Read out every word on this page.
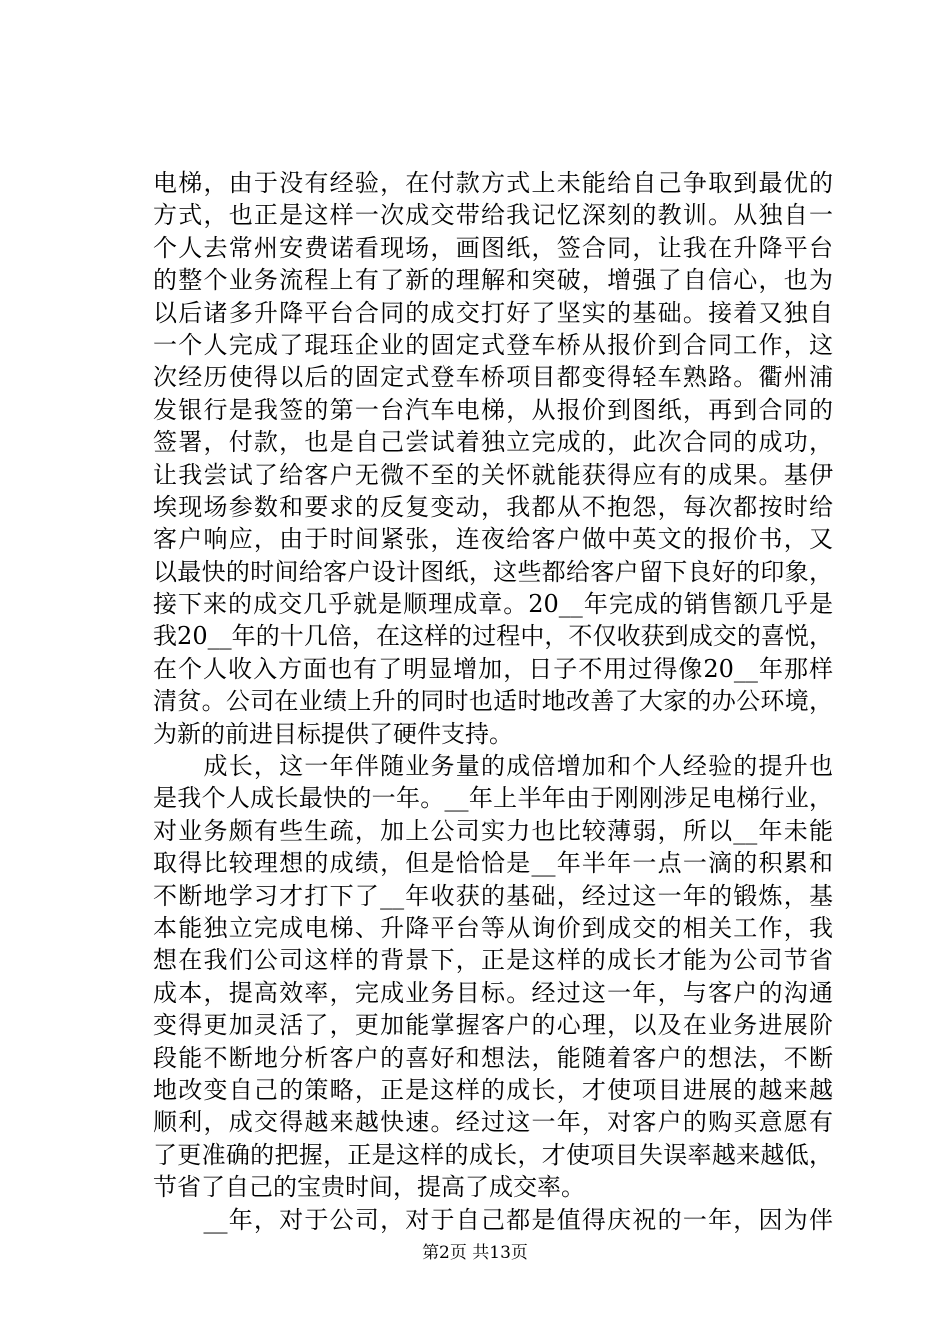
电梯，由于没有经验，在付款方式上未能给自己争取到最优的
方式，也正是这样一次成交带给我记忆深刻的教训。从独自一
个人去常州安费诺看现场，画图纸，签合同，让我在升降平台
的整个业务流程上有了新的理解和突破，增强了自信心，也为
以后诸多升降平台合同的成交打好了坚实的基础。接着又独自
一个人完成了琨珏企业的固定式登车桥从报价到合同工作，这
次经历使得以后的固定式登车桥项目都变得轻车熟路。衢州浦
发银行是我签的第一台汽车电梯，从报价到图纸，再到合同的
签署，付款，也是自己尝试着独立完成的，此次合同的成功，
让我尝试了给客户无微不至的关怀就能获得应有的成果。基伊
埃现场参数和要求的反复变动，我都从不抱怨，每次都按时给
客户响应，由于时间紧张，连夜给客户做中英文的报价书，又
以最快的时间给客户设计图纸，这些都给客户留下良好的印象，
接下来的成交几乎就是顺理成章。20__年完成的销售额几乎是
我20__年的十几倍，在这样的过程中，不仅收获到成交的喜悦，
在个人收入方面也有了明显增加，日子不用过得像20__年那样
清贫。公司在业绩上升的同时也适时地改善了大家的办公环境，
为新的前进目标提供了硬件支持。
　　成长，这一年伴随业务量的成倍增加和个人经验的提升也
是我个人成长最快的一年。__年上半年由于刚刚涉足电梯行业，
对业务颇有些生疏，加上公司实力也比较薄弱，所以__年未能
取得比较理想的成绩，但是恰恰是__年半年一点一滴的积累和
不断地学习才打下了__年收获的基础，经过这一年的锻炼，基
本能独立完成电梯、升降平台等从询价到成交的相关工作，我
想在我们公司这样的背景下，正是这样的成长才能为公司节省
成本，提高效率，完成业务目标。经过这一年，与客户的沟通
变得更加灵活了，更加能掌握客户的心理，以及在业务进展阶
段能不断地分析客户的喜好和想法，能随着客户的想法，不断
地改变自己的策略，正是这样的成长，才使项目进展的越来越
顺利，成交得越来越快速。经过这一年，对客户的购买意愿有
了更准确的把握，正是这样的成长，才使项目失误率越来越低，
节省了自己的宝贵时间，提高了成交率。
　　__年，对于公司，对于自己都是值得庆祝的一年，因为伴
第2页 共13页
